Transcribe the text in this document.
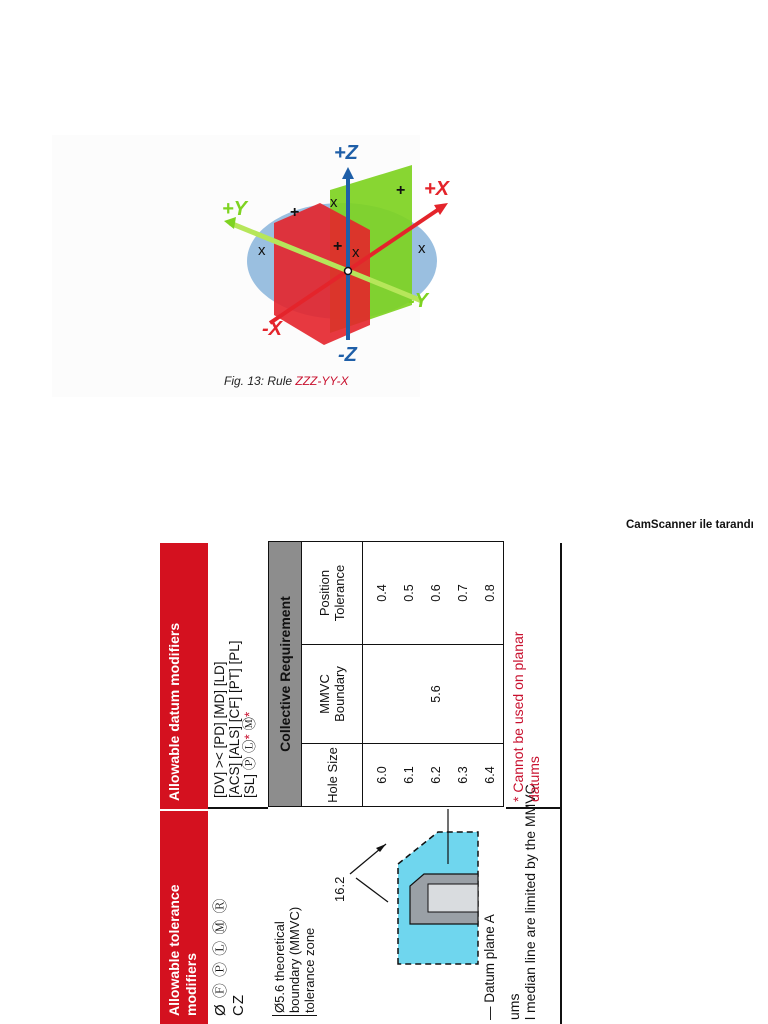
+
+
+
x
x	x
x
+Z
-Z
+X
-X
+Y
-Y
Fig. 13: Rule ZZZ-YY-X
CamScanner ile tarandı
Allowable tolerance modifiers
Allowable datum modifiers
Ø Ⓕ Ⓟ Ⓛ Ⓜ Ⓡ CZ
[DV] >< [PD] [MD] [LD] [ACS] [ALS] [CF] [PT] [PL] [SL] Ⓟ Ⓛ* Ⓜ*
Ø5.6 theoretical boundary (MMVC) tolerance zone
16.2
— Datum plane A ums l median line are limited by the MMVC
Collective Requirement
Hole Size	MMVC Boundary	Position Tolerance
6.0	5.6	0.4
6.1		0.5
6.2		0.6
6.3		0.7
6.4		0.8
* Cannot be used on planar datums
